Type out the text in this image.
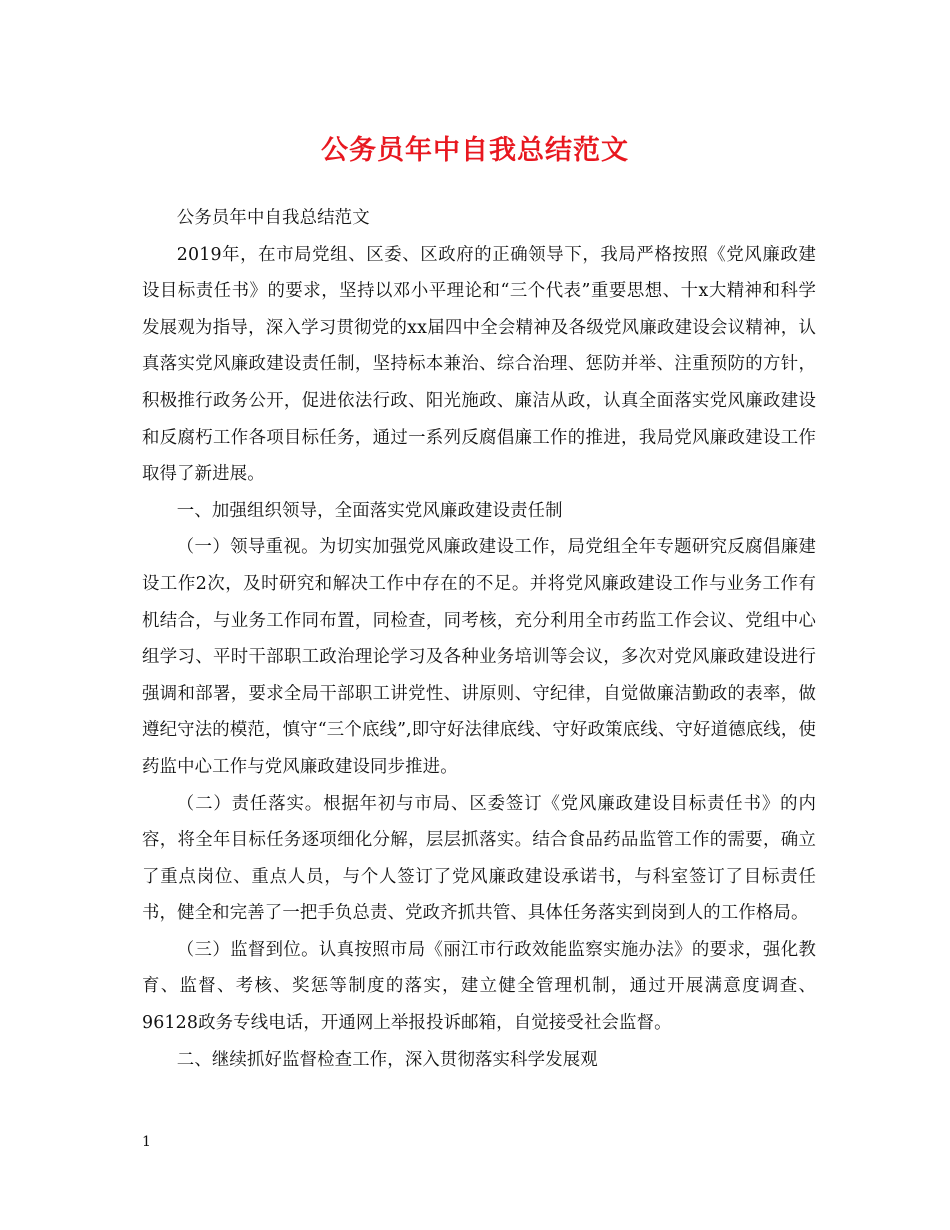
公务员年中自我总结范文

公务员年中自我总结范文

2019年，在市局党组、区委、区政府的正确领导下，我局严格按照《党风廉政建设目标责任书》的要求，坚持以邓小平理论和“三个代表”重要思想、十x大精神和科学发展观为指导，深入学习贯彻党的xx届四中全会精神及各级党风廉政建设会议精神，认真落实党风廉政建设责任制，坚持标本兼治、综合治理、惩防并举、注重预防的方针，积极推行政务公开，促进依法行政、阳光施政、廉洁从政，认真全面落实党风廉政建设和反腐朽工作各项目标任务，通过一系列反腐倡廉工作的推进，我局党风廉政建设工作取得了新进展。

一、加强组织领导，全面落实党风廉政建设责任制

（一）领导重视。为切实加强党风廉政建设工作，局党组全年专题研究反腐倡廉建设工作2次，及时研究和解决工作中存在的不足。并将党风廉政建设工作与业务工作有机结合，与业务工作同布置，同检查，同考核，充分利用全市药监工作会议、党组中心组学习、平时干部职工政治理论学习及各种业务培训等会议，多次对党风廉政建设进行强调和部署，要求全局干部职工讲党性、讲原则、守纪律，自觉做廉洁勤政的表率，做遵纪守法的模范，慎守“三个底线”,即守好法律底线、守好政策底线、守好道德底线，使药监中心工作与党风廉政建设同步推进。

（二）责任落实。根据年初与市局、区委签订《党风廉政建设目标责任书》的内容，将全年目标任务逐项细化分解，层层抓落实。结合食品药品监管工作的需要，确立了重点岗位、重点人员，与个人签订了党风廉政建设承诺书，与科室签订了目标责任书，健全和完善了一把手负总责、党政齐抓共管、具体任务落实到岗到人的工作格局。

（三）监督到位。认真按照市局《丽江市行政效能监察实施办法》的要求，强化教育、监督、考核、奖惩等制度的落实，建立健全管理机制，通过开展满意度调查、96128政务专线电话，开通网上举报投诉邮箱，自觉接受社会监督。

二、继续抓好监督检查工作，深入贯彻落实科学发展观

1
